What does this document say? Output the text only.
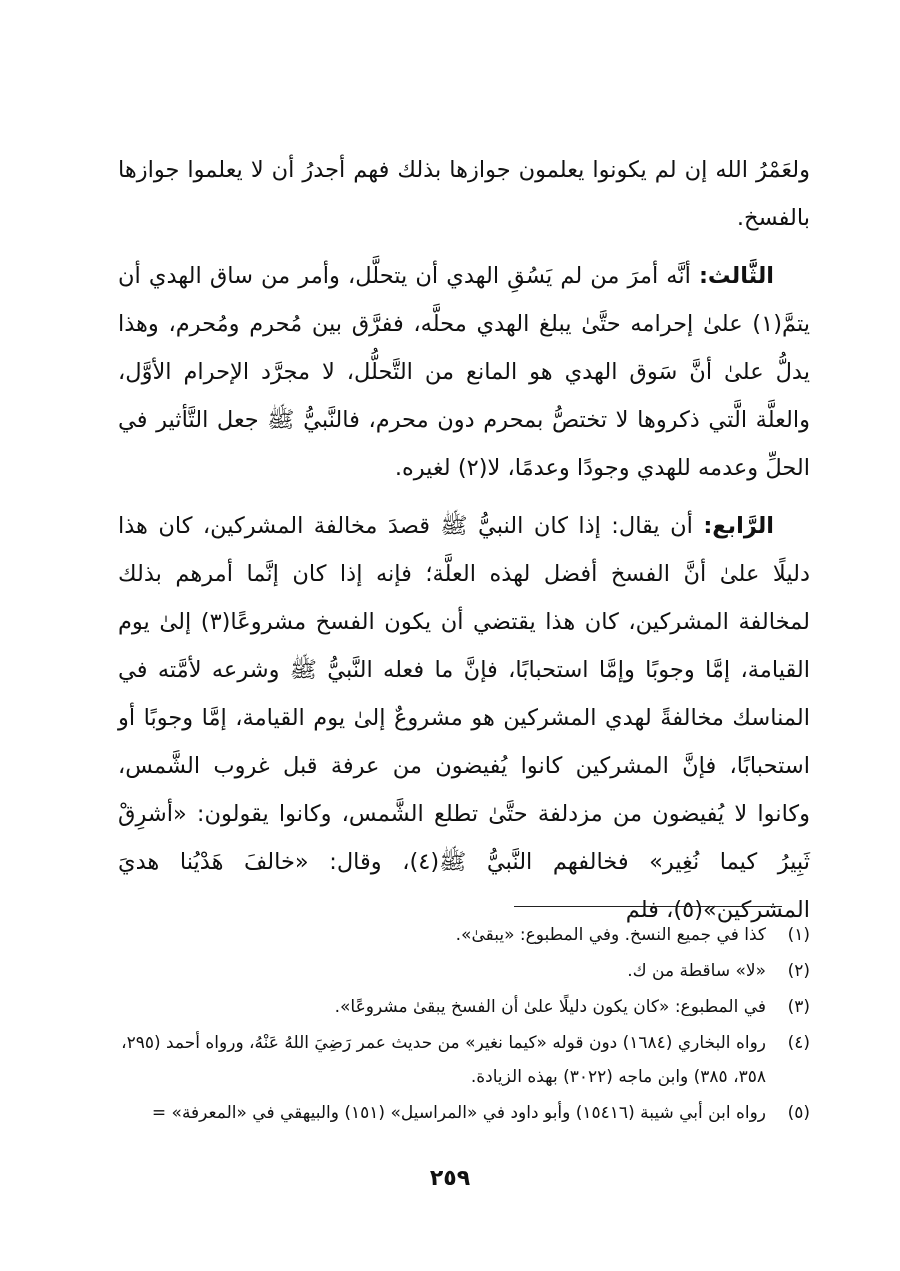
ولعَمْرُ الله إن لم يكونوا يعلمون جوازها بذلك فهم أجدرُ أن لا يعلموا جوازها بالفسخ.

الثَّالث: أنَّه أمرَ من لم يَسُقِ الهدي أن يتحلَّل، وأمر من ساق الهدي أن يتمَّ(١) علىٰ إحرامه حتَّىٰ يبلغ الهدي محلَّه، ففرَّق بين مُحرم ومُحرم، وهذا يدلُّ علىٰ أنَّ سَوق الهدي هو المانع من التَّحلُّل، لا مجرَّد الإحرام الأوَّل، والعلَّة الَّتي ذكروها لا تختصُّ بمحرم دون محرم، فالنَّبيُّ ﷺ جعل التَّأثير في الحلِّ وعدمه للهدي وجودًا وعدمًا، لا(٢) لغيره.

الرَّابع: أن يقال: إذا كان النبيُّ ﷺ قصدَ مخالفة المشركين، كان هذا دليلًا علىٰ أنَّ الفسخ أفضل لهذه العلَّة؛ فإنه إذا كان إنَّما أمرهم بذلك لمخالفة المشركين، كان هذا يقتضي أن يكون الفسخ مشروعًا(٣) إلىٰ يوم القيامة، إمَّا وجوبًا وإمَّا استحبابًا، فإنَّ ما فعله النَّبيُّ ﷺ وشرعه لأمَّته في المناسك مخالفةً لهدي المشركين هو مشروعٌ إلىٰ يوم القيامة، إمَّا وجوبًا أو استحبابًا، فإنَّ المشركين كانوا يُفيضون من عرفة قبل غروب الشَّمس، وكانوا لا يُفيضون من مزدلفة حتَّىٰ تطلع الشَّمس، وكانوا يقولون: «أشرِقْ ثَبِيرُ كيما نُغِير» فخالفهم النَّبيُّ ﷺ(٤)، وقال: «خالفَ هَدْيُنا هديَ المشركين»(٥)، فلم

(١)
كذا في جميع النسخ. وفي المطبوع: «يبقىٰ».
(٢)
«لا» ساقطة من ك.
(٣)
في المطبوع: «كان يكون دليلًا علىٰ أن الفسخ يبقىٰ مشروعًا».
(٤)
رواه البخاري (١٦٨٤) دون قوله «كيما نغير» من حديث عمر رَضِيَ اللهُ عَنْهُ، ورواه أحمد (٢٩٥، ٣٥٨، ٣٨٥) وابن ماجه (٣٠٢٢) بهذه الزيادة.
(٥)
رواه ابن أبي شيبة (١٥٤١٦) وأبو داود في «المراسيل» (١٥١) والبيهقي في «المعرفة» =
٢٥٩
